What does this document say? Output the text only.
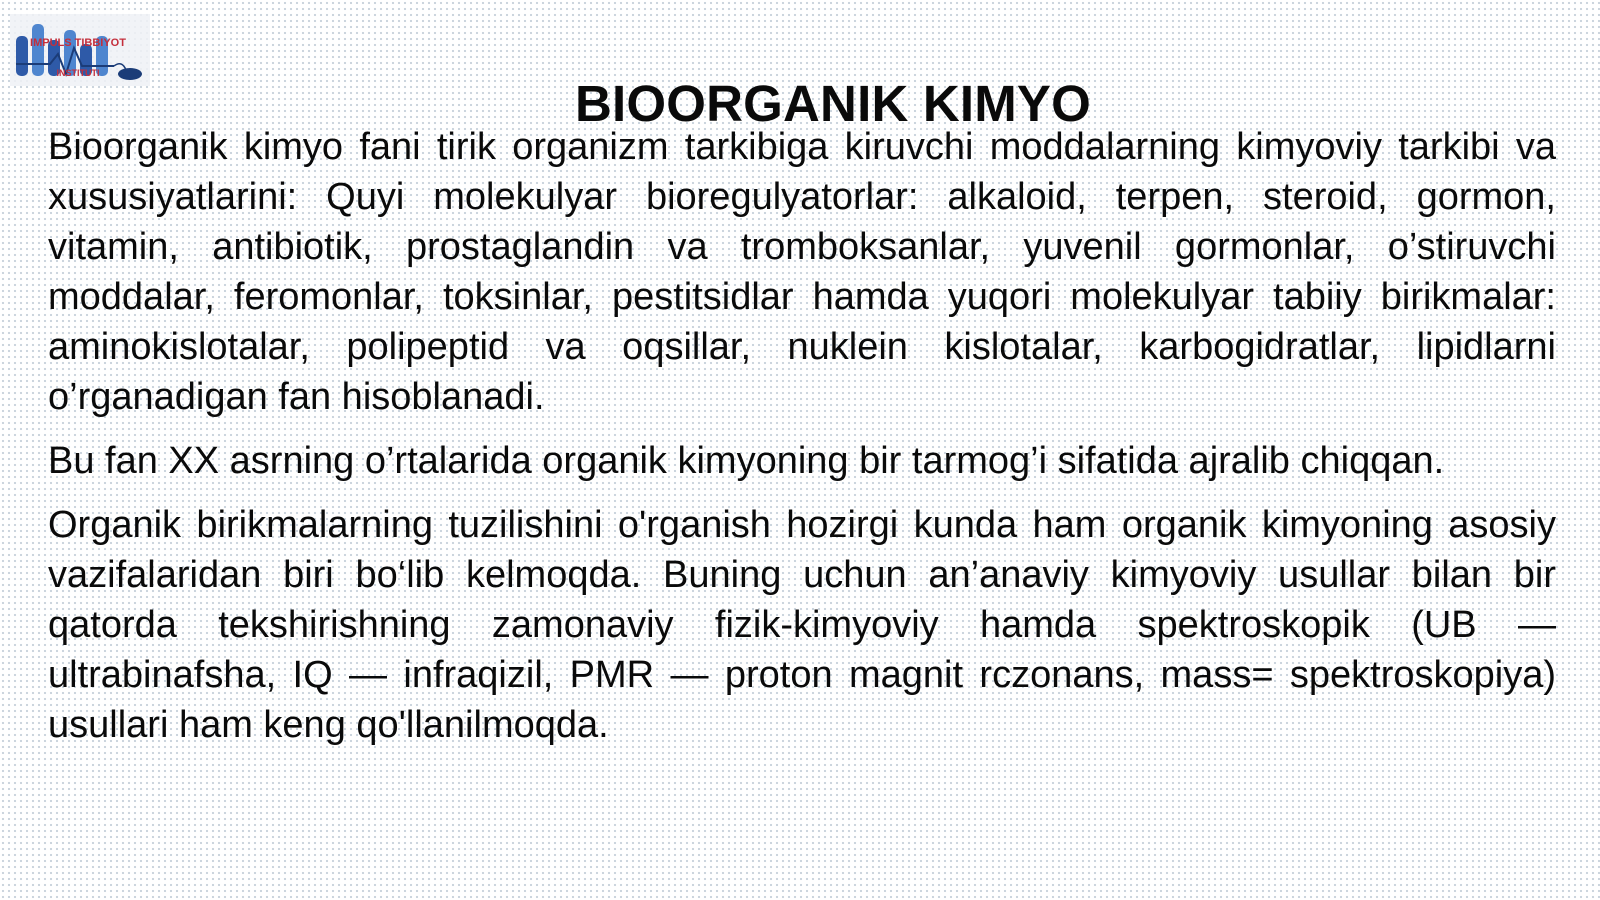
IMPULS TIBBIYOT
INSTITUTI
BIOORGANIK KIMYO

Bioorganik kimyo fani tirik organizm tarkibiga kiruvchi moddalarning kimyoviy tarkibi va xususiyatlarini: Quyi molekulyar bioregulyatorlar: alkaloid, terpen, steroid, gormon, vitamin, antibiotik, prostaglandin va tromboksanlar, yuvenil gormonlar, o’stiruvchi moddalar, feromonlar, toksinlar, pestitsidlar hamda yuqori molekulyar tabiiy birikmalar: aminokislotalar, polipeptid va oqsillar, nuklein kislotalar, karbogidratlar, lipidlarni o’rganadigan fan hisoblanadi.

Bu fan XX asrning o’rtalarida organik kimyoning bir tarmog’i sifatida ajralib chiqqan.

Organik birikmalarning tuzilishini o'rganish hozirgi kunda ham organik kimyoning asosiy vazifalaridan biri bo‘lib kelmoqda. Buning uchun an’anaviy kimyoviy usullar bilan bir qatorda tekshirishning zamonaviy fizik-kimyoviy hamda spektroskopik (UB — ultrabinafsha, IQ — infraqizil, PMR — proton magnit rczonans, mass= spektroskopiya) usullari ham keng qo'llanilmoqda.
